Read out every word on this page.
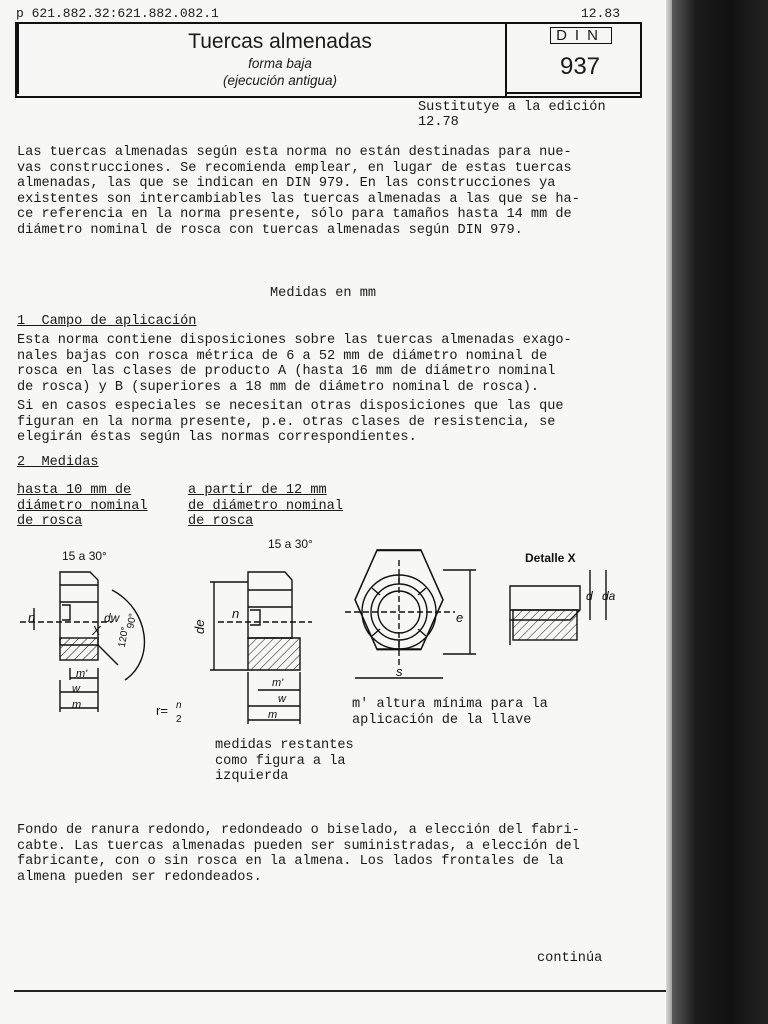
p 621.882.32:621.882.082.1	12.83
Tuercas almenadas
forma baja
(ejecución antigua)
DIN
937
Sustitutye a la edición
12.78
Las tuercas almenadas según esta norma no están destinadas para nue-
vas construcciones. Se recomienda emplear, en lugar de estas tuercas
almenadas, las que se indican en DIN 979. En las construcciones ya
existentes son intercambiables las tuercas almenadas a las que se ha-
ce referencia en la norma presente, sólo para tamaños hasta 14 mm de
diámetro nominal de rosca con tuercas almenadas según DIN 979.
Medidas en mm
1  Campo de aplicación
Esta norma contiene disposiciones sobre las tuercas almenadas exago-
nales bajas con rosca métrica de 6 a 52 mm de diámetro nominal de
rosca en las clases de producto A (hasta 16 mm de diámetro nominal
de rosca) y B (superiores a 18 mm de diámetro nominal de rosca).
Si en casos especiales se necesitan otras disposiciones que las que
figuran en la norma presente, p.e. otras clases de resistencia, se
elegirán éstas según las normas correspondientes.
2  Medidas
hasta 10 mm de
diámetro nominal
de rosca
a partir de 12 mm
de diámetro nominal
de rosca
15 a 30°
n
X
dw
120°
90°
m'
w
m
15 a 30°
de
n
m'
w
m
r= n
2
e
s
Detalle X
d da
m' altura mínima para la
aplicación de la llave
medidas restantes
como figura a la
izquierda
Fondo de ranura redondo, redondeado o biselado, a elección del fabri-
cabte. Las tuercas almenadas pueden ser suministradas, a elección del
fabricante, con o sin rosca en la almena. Los lados frontales de la
almena pueden ser redondeados.
continúa
